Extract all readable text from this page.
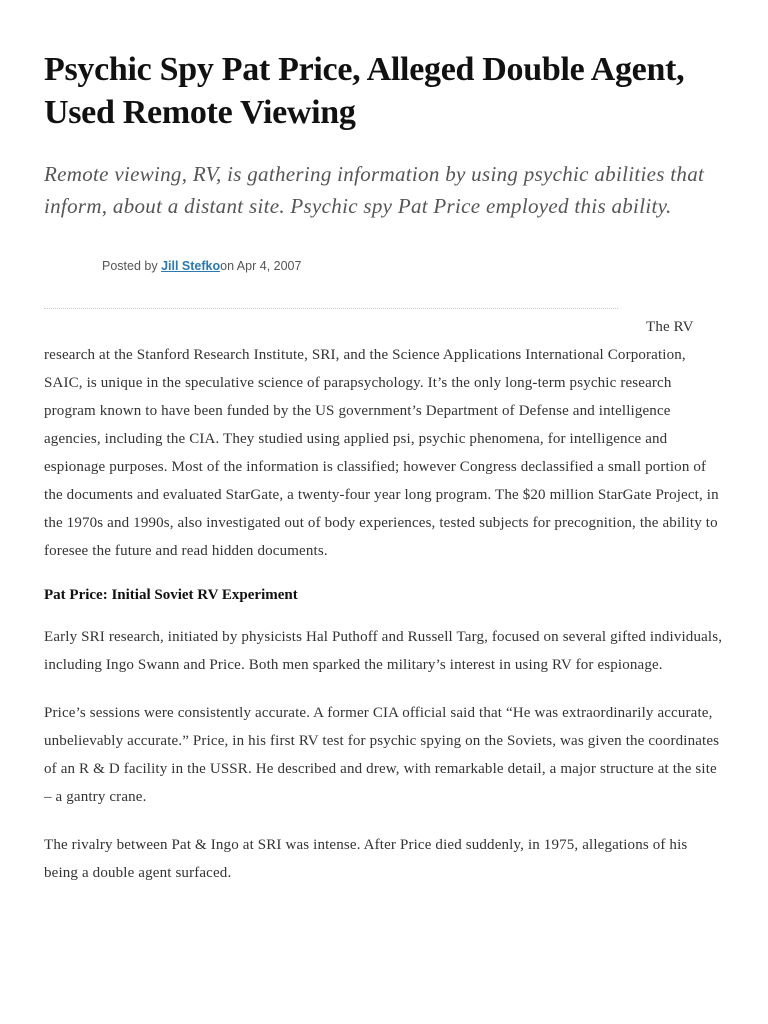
Psychic Spy Pat Price, Alleged Double Agent, Used Remote Viewing

Remote viewing, RV, is gathering information by using psychic abilities that inform, about a distant site. Psychic spy Pat Price employed this ability.

Posted by Jill Stefkoon Apr 4, 2007

The RV research at the Stanford Research Institute, SRI, and the Science Applications International Corporation, SAIC, is unique in the speculative science of parapsychology. It’s the only long-term psychic research program known to have been funded by the US government’s Department of Defense and intelligence agencies, including the CIA. They studied using applied psi, psychic phenomena, for intelligence and espionage purposes. Most of the information is classified; however Congress declassified a small portion of the documents and evaluated StarGate, a twenty-four year long program. The $20 million StarGate Project, in the 1970s and 1990s, also investigated out of body experiences, tested subjects for precognition, the ability to foresee the future and read hidden documents.

Pat Price: Initial Soviet RV Experiment

Early SRI research, initiated by physicists Hal Puthoff and Russell Targ, focused on several gifted individuals, including Ingo Swann and Price. Both men sparked the military’s interest in using RV for espionage.

Price’s sessions were consistently accurate. A former CIA official said that “He was extraordinarily accurate, unbelievably accurate.” Price, in his first RV test for psychic spying on the Soviets, was given the coordinates of an R & D facility in the USSR. He described and drew, with remarkable detail, a major structure at the site – a gantry crane.

The rivalry between Pat & Ingo at SRI was intense. After Price died suddenly, in 1975, allegations of his being a double agent surfaced.
